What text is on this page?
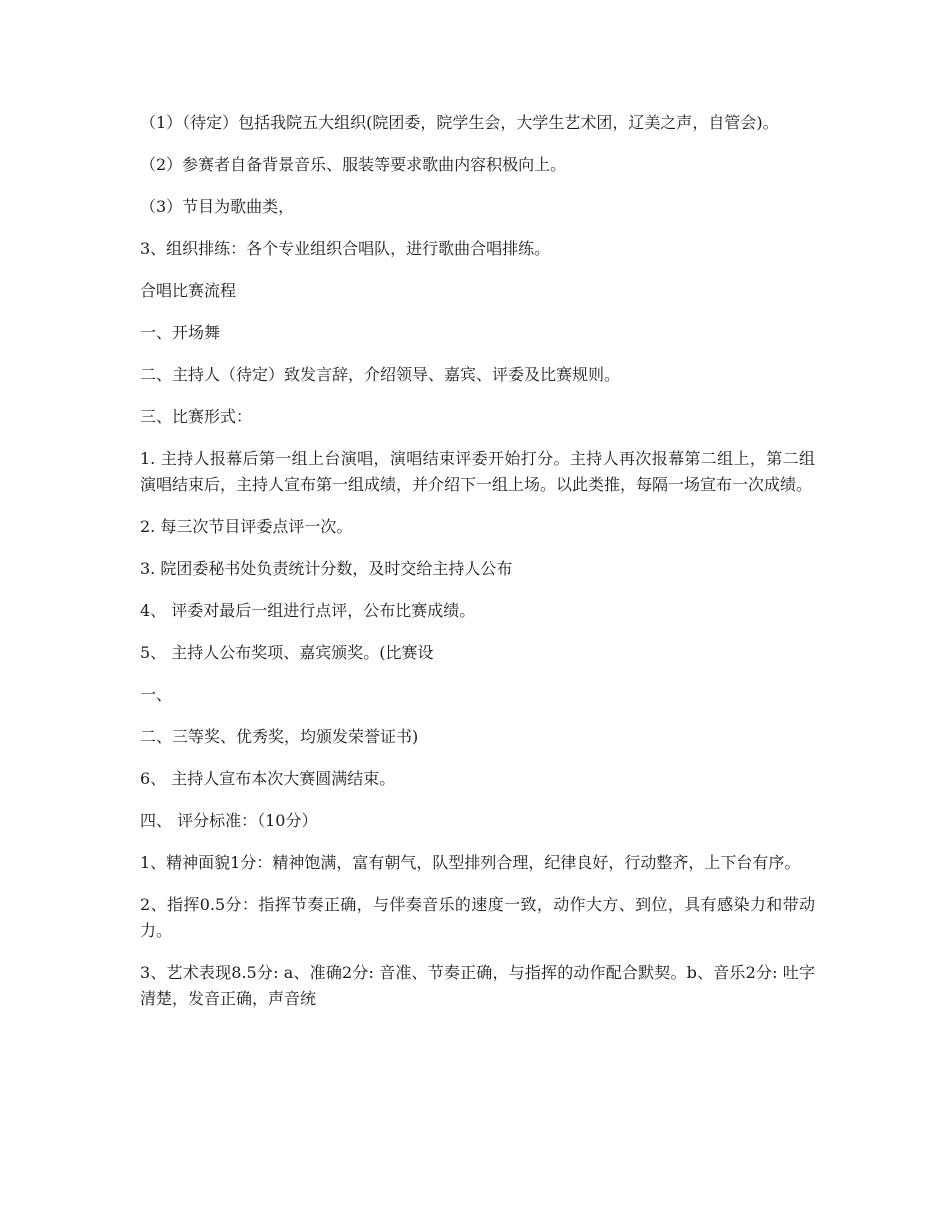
（1）（待定）包括我院五大组织(院团委，院学生会，大学生艺术团，辽美之声，自管会)。

（2）参赛者自备背景音乐、服装等要求歌曲内容积极向上。

（3）节目为歌曲类，

3、组织排练：各个专业组织合唱队，进行歌曲合唱排练。

合唱比赛流程

一、开场舞

二、主持人（待定）致发言辞，介绍领导、嘉宾、评委及比赛规则。

三、比赛形式：

1. 主持人报幕后第一组上台演唱，演唱结束评委开始打分。主持人再次报幕第二组上，第二组演唱结束后，主持人宣布第一组成绩，并介绍下一组上场。以此类推，每隔一场宣布一次成绩。

2. 每三次节目评委点评一次。

3. 院团委秘书处负责统计分数，及时交给主持人公布

4、 评委对最后一组进行点评，公布比赛成绩。

5、 主持人公布奖项、嘉宾颁奖。(比赛设

一、

二、三等奖、优秀奖，均颁发荣誉证书)

6、 主持人宣布本次大赛圆满结束。

四、 评分标准：（10分）

1、精神面貌1分：精神饱满，富有朝气，队型排列合理，纪律良好，行动整齐，上下台有序。

2、指挥0.5分：指挥节奏正确，与伴奏音乐的速度一致，动作大方、到位，具有感染力和带动力。

3、艺术表现8.5分: a、准确2分: 音准、节奏正确，与指挥的动作配合默契。b、音乐2分: 吐字清楚，发音正确，声音统
